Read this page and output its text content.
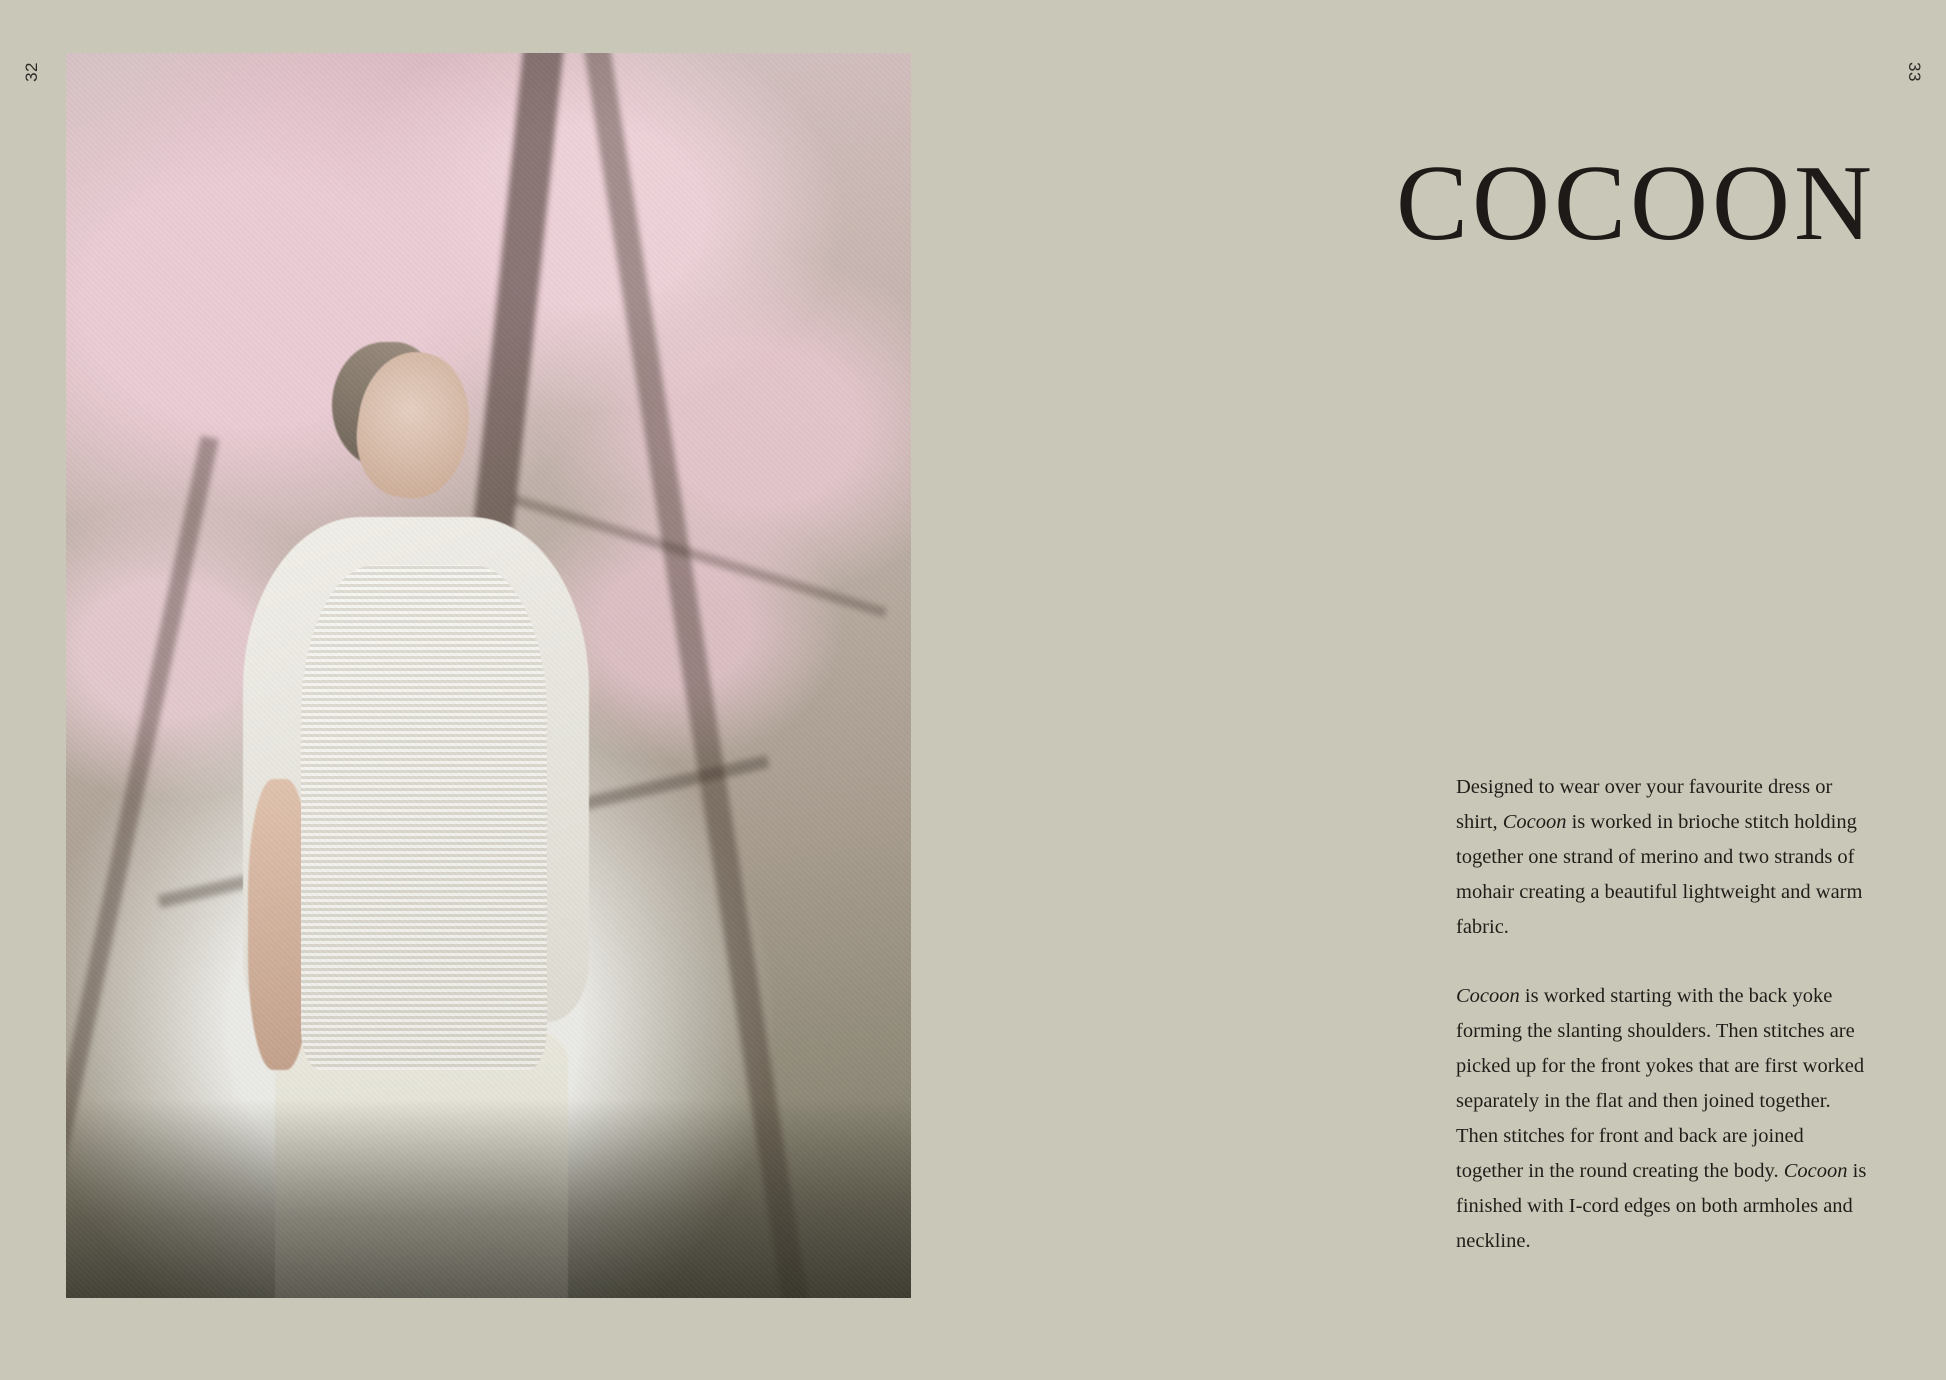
32	33
COCOON

Designed to wear over your favourite dress or shirt, Cocoon is worked in brioche stitch holding together one strand of merino and two strands of mohair creating a beautiful lightweight and warm fabric.

Cocoon is worked starting with the back yoke forming the slanting shoulders. Then stitches are picked up for the front yokes that are first worked separately in the flat and then joined together. Then stitches for front and back are joined together in the round creating the body. Cocoon is finished with I-cord edges on both armholes and neckline.
